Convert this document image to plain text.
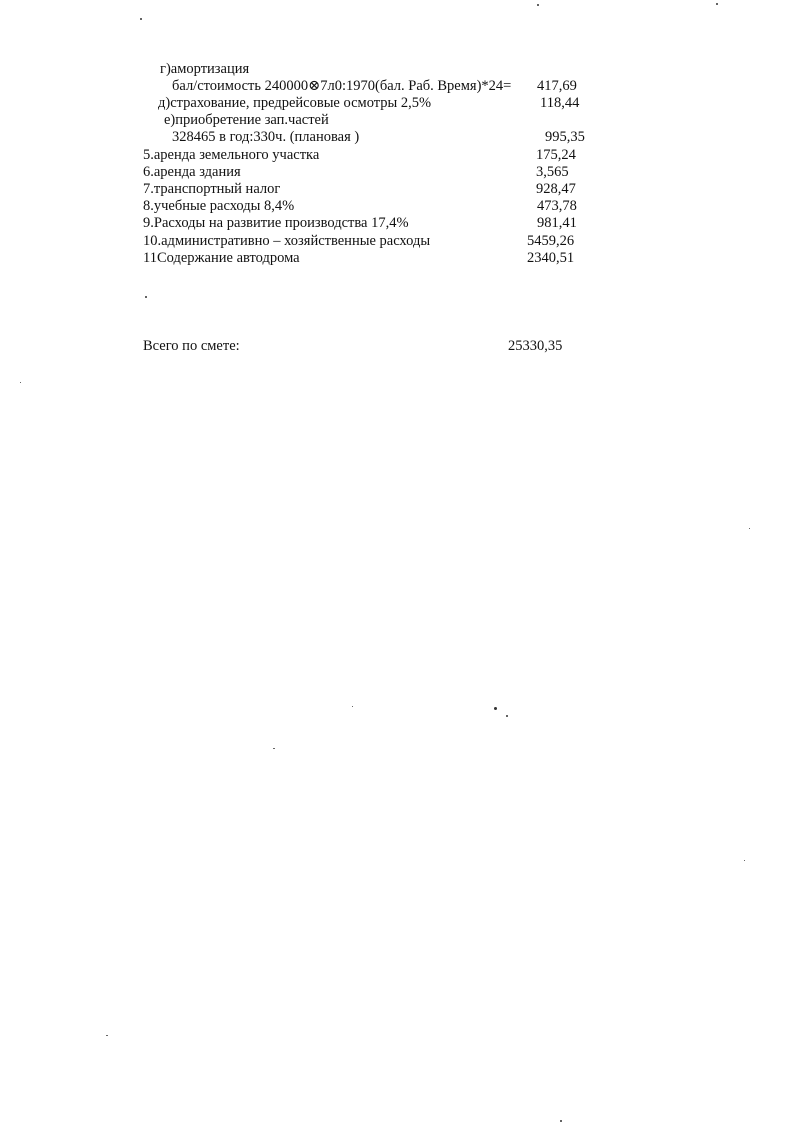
г)амортизация
бал/стоимость 240000⊗7л0:1970(бал. Раб. Время)*24= 417,69
д)страхование, предрейсовые осмотры 2,5%	118,44
е)приобретение зап.частей
328465 в год:330ч. (плановая )	995,35
5.аренда земельного участка	175,24
6.аренда здания	3,565
7.транспортный налог	928,47
8.учебные расходы 8,4%	473,78
9.Расходы на развитие производства 17,4%	981,41
10.административно – хозяйственные расходы	5459,26
11Содержание автодрома	2340,51
Всего по смете:	25330,35
